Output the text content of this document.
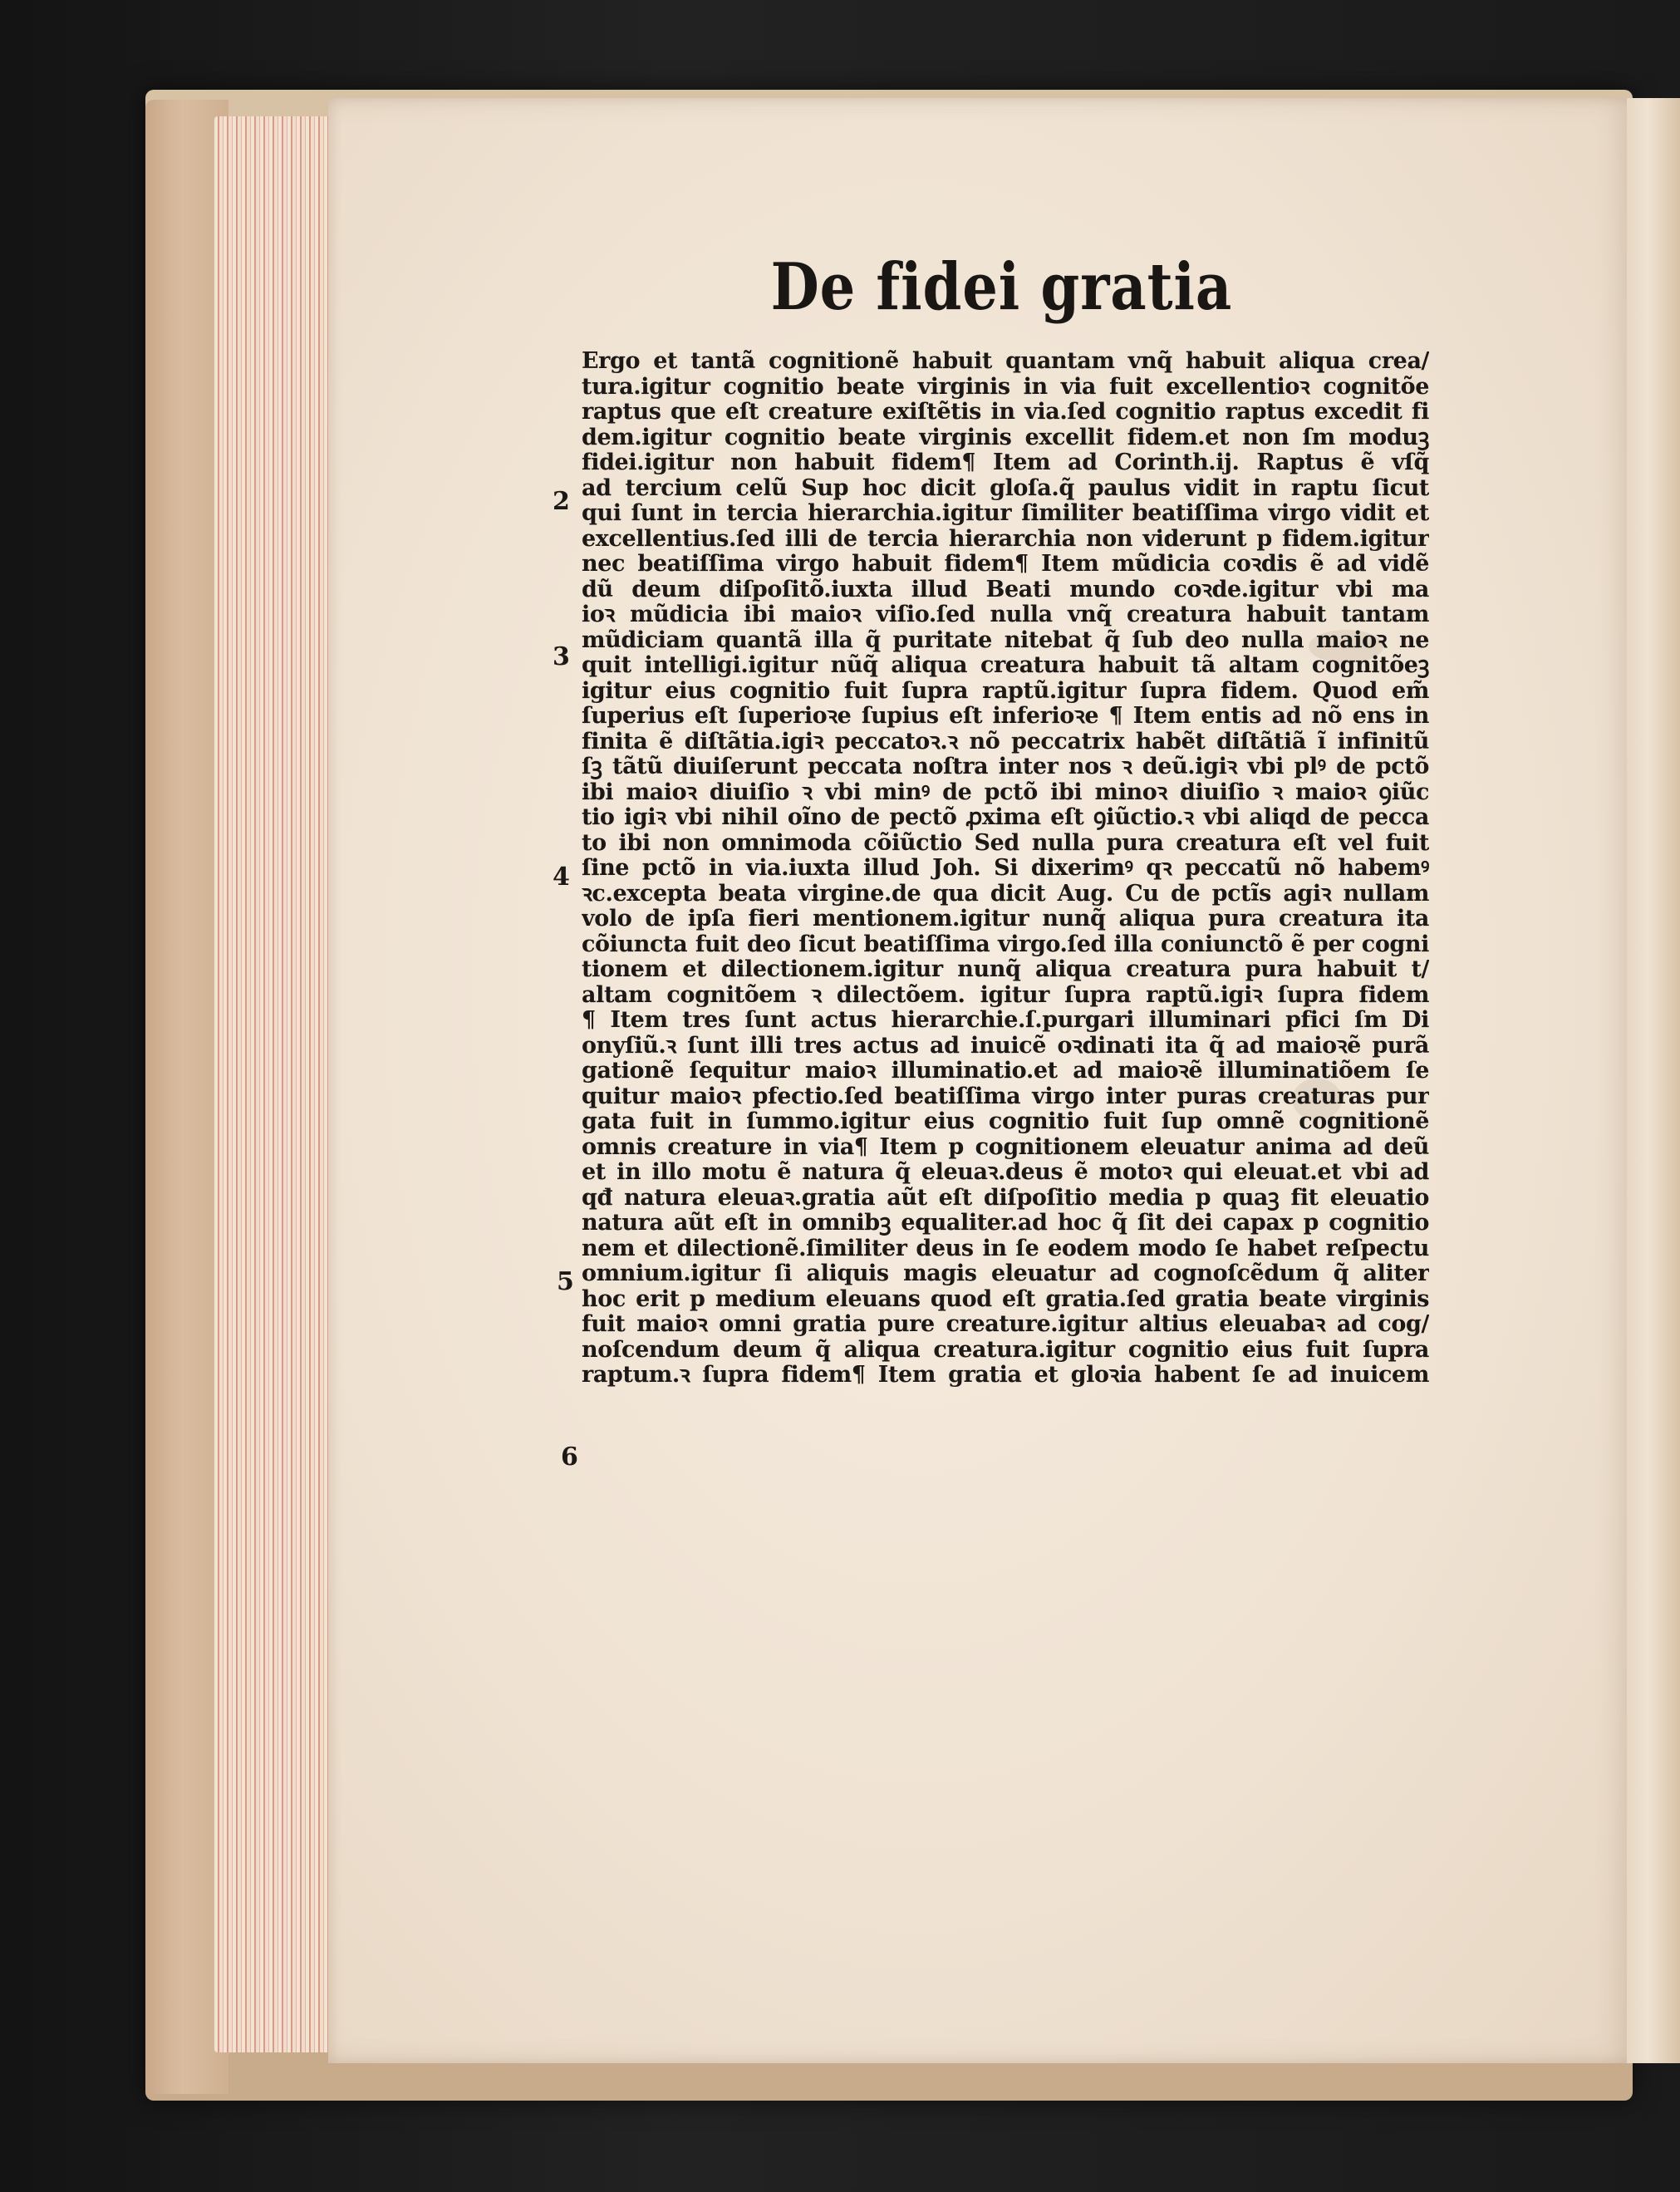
De fidei gratia
2
3
4
5
6
Ergo et tantã cognitionẽ habuit quantam vnq̃ habuit aliqua crea/
tura.igitur cognitio beate virginis in via fuit excellentioꝛ cognitõe
raptus que eſt creature exiſtẽtis in via.ſed cognitio raptus excedit fi
dem.igitur cognitio beate virginis excellit fidem.et non ſm moduꝫ
fidei.igitur non habuit fidem¶ Item ad Corinth.ij. Raptus ẽ vſq̃
ad tercium celũ Sup hoc dicit gloſa.q̃ paulus vidit in raptu ſicut
qui ſunt in tercia hierarchia.igitur ſimiliter beatiſſima virgo vidit et
excellentius.ſed illi de tercia hierarchia non viderunt p fidem.igitur
nec beatiſſima virgo habuit fidem¶ Item mũdicia coꝛdis ẽ ad vidẽ
dũ deum diſpoſitõ.iuxta illud Beati mundo coꝛde.igitur vbi ma
ioꝛ mũdicia ibi maioꝛ viſio.ſed nulla vnq̃ creatura habuit tantam
mũdiciam quantã illa q̃ puritate nitebat q̃ ſub deo nulla maioꝛ ne
quit intelligi.igitur nũq̃ aliqua creatura habuit tã altam cognitõeꝫ
igitur eius cognitio fuit ſupra raptũ.igitur ſupra fidem. Quod em̃
ſuperius eſt ſuperioꝛe ſupius eſt inferioꝛe ¶ Item entis ad nõ ens in
finita ẽ diſtãtia.igiꝛ peccatoꝛ.ꝛ nõ peccatrix habẽt diſtãtiã ĩ infinitũ
ſꝫ tãtũ diuiſerunt peccata noſtra inter nos ꝛ deũ.igiꝛ vbi plꝰ de pctõ
ibi maioꝛ diuiſio ꝛ vbi minꝰ de pctõ ibi minoꝛ diuiſio ꝛ maioꝛ ꝯiũc
tio igiꝛ vbi nihil oĩno de pectõ ꝓxima eſt ꝯiũctio.ꝛ vbi aliqd de pecca
to ibi non omnimoda cõiũctio Sed nulla pura creatura eſt vel fuit
ſine pctõ in via.iuxta illud Joh. Si dixerimꝰ qꝛ peccatũ nõ habemꝰ
ꝛc.excepta beata virgine.de qua dicit Aug. Cu de pctĩs agiꝛ nullam
volo de ipſa fieri mentionem.igitur nunq̃ aliqua pura creatura ita
cõiuncta fuit deo ſicut beatiſſima virgo.ſed illa coniunctõ ẽ per cogni
tionem et dilectionem.igitur nunq̃ aliqua creatura pura habuit t/
altam cognitõem ꝛ dilectõem. igitur ſupra raptũ.igiꝛ ſupra fidem
¶ Item tres ſunt actus hierarchie.ſ.purgari illuminari pfici ſm Di
onyſiũ.ꝛ ſunt illi tres actus ad inuicẽ oꝛdinati ita q̃ ad maioꝛẽ purã
gationẽ ſequitur maioꝛ illuminatio.et ad maioꝛẽ illuminatiõem ſe
quitur maioꝛ pfectio.ſed beatiſſima virgo inter puras creaturas pur
gata fuit in ſummo.igitur eius cognitio fuit ſup omnẽ cognitionẽ
omnis creature in via¶ Item p cognitionem eleuatur anima ad deũ
et in illo motu ẽ natura q̃ eleuaꝛ.deus ẽ motoꝛ qui eleuat.et vbi ad
qđ natura eleuaꝛ.gratia aũt eſt diſpoſitio media p quaꝫ fit eleuatio
natura aũt eſt in omnibꝫ equaliter.ad hoc q̃ ſit dei capax p cognitio
nem et dilectionẽ.ſimiliter deus in ſe eodem modo ſe habet reſpectu
omnium.igitur ſi aliquis magis eleuatur ad cognoſcẽdum q̃ aliter
hoc erit p medium eleuans quod eſt gratia.ſed gratia beate virginis
fuit maioꝛ omni gratia pure creature.igitur altius eleuabaꝛ ad cog/
noſcendum deum q̃ aliqua creatura.igitur cognitio eius fuit ſupra
raptum.ꝛ ſupra fidem¶ Item gratia et gloꝛia habent ſe ad inuicem
